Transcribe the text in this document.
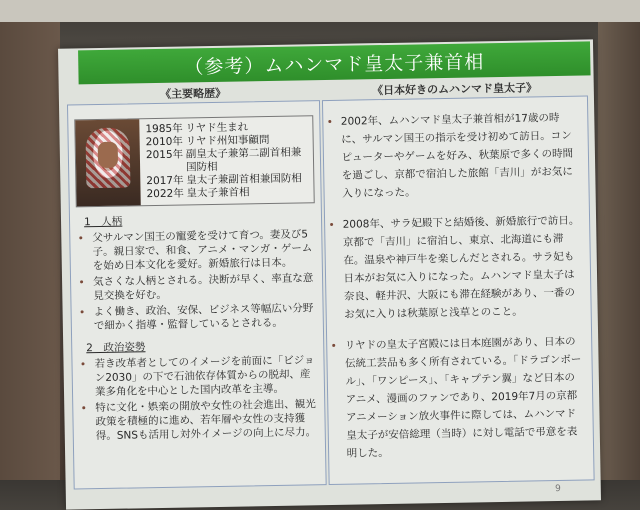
（参考）ムハンマド皇太子兼首相
《主要略歴》
1985年 リヤド生まれ
2010年 リヤド州知事顧問
2015年 副皇太子兼第二副首相兼国防相
2017年 皇太子兼副首相兼国防相
2022年 皇太子兼首相
1　人柄
• 父サルマン国王の寵愛を受けて育つ。妻及び5子。親日家で、和食、アニメ・マンガ・ゲームを始め日本文化を愛好。新婚旅行は日本。
• 気さくな人柄とされる。決断が早く、率直な意見交換を好む。
• よく働き、政治、安保、ビジネス等幅広い分野で細かく指導・監督しているとされる。
2　政治姿勢
• 若き改革者としてのイメージを前面に「ビジョン2030」の下で石油依存体質からの脱却、産業多角化を中心とした国内改革を主導。
• 特に文化・娯楽の開放や女性の社会進出、観光政策を積極的に進め、若年層や女性の支持獲得。SNSも活用し対外イメージの向上に尽力。
《日本好きのムハンマド皇太子》
• 2002年、ムハンマド皇太子兼首相が17歳の時に、サルマン国王の指示を受け初めて訪日。コンピューターやゲームを好み、秋葉原で多くの時間を過ごし、京都で宿泊した旅館「吉川」がお気に入りになった。
• 2008年、サラ妃殿下と結婚後、新婚旅行で訪日。京都で「吉川」に宿泊し、東京、北海道にも滞在。温泉や神戸牛を楽しんだとされる。サラ妃も日本がお気に入りになった。ムハンマド皇太子は奈良、軽井沢、大阪にも滞在経験があり、一番のお気に入りは秋葉原と浅草とのこと。
• リヤドの皇太子宮殿には日本庭園があり、日本の伝統工芸品も多く所有されている。「ドラゴンボール」、「ワンピース」、「キャプテン翼」など日本のアニメ、漫画のファンであり、2019年7月の京都アニメーション放火事件に際しては、ムハンマド皇太子が安倍総理（当時）に対し電話で弔意を表明した。
9
